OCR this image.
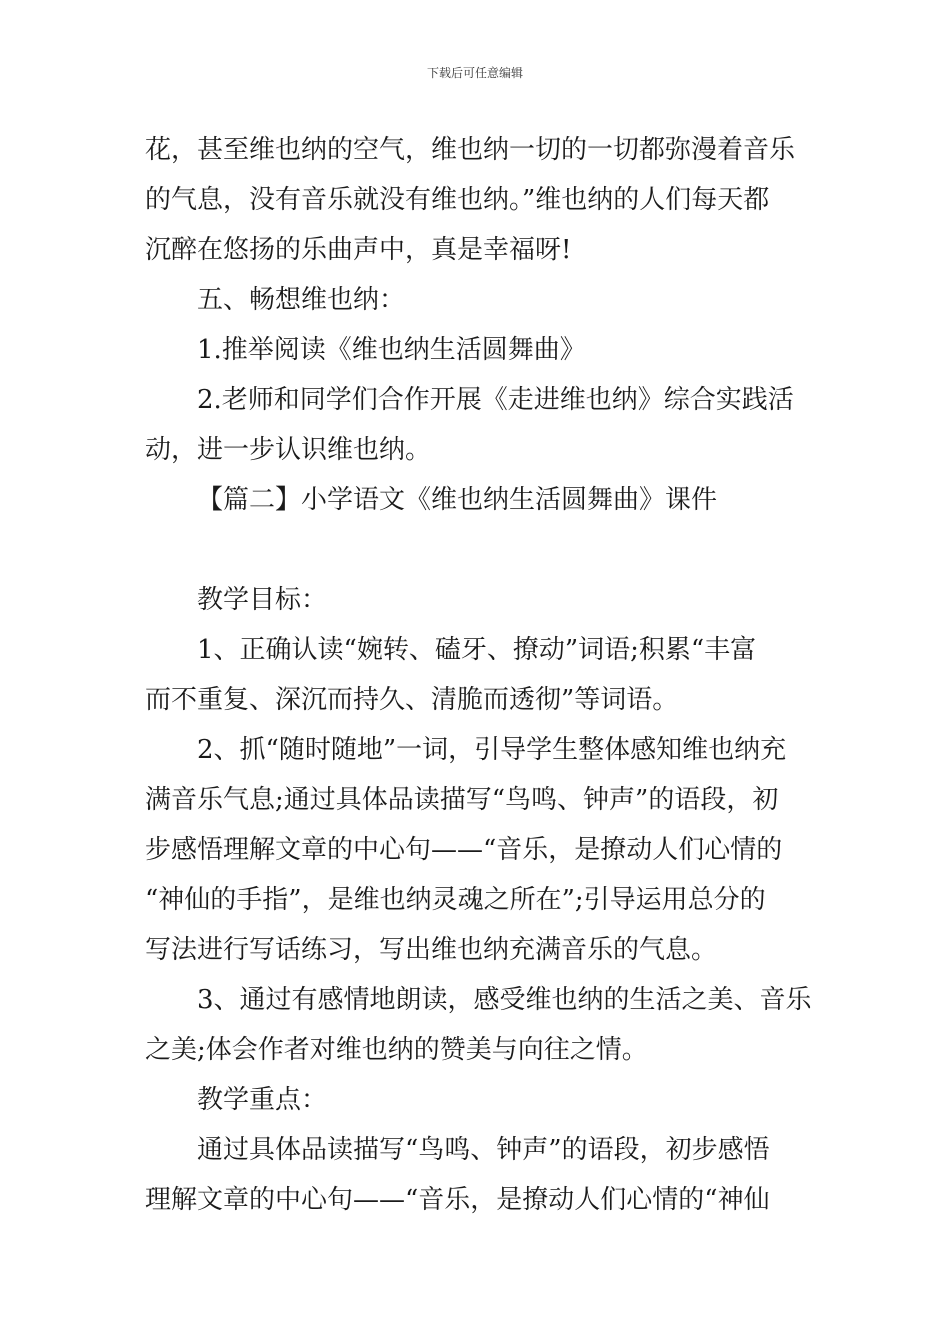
下载后可任意编辑
花，甚至维也纳的空气，维也纳一切的一切都弥漫着音乐
的气息，没有音乐就没有维也纳。”维也纳的人们每天都
沉醉在悠扬的乐曲声中，真是幸福呀!
五、畅想维也纳：
1.推举阅读《维也纳生活圆舞曲》
2.老师和同学们合作开展《走进维也纳》综合实践活
动，进一步认识维也纳。
【篇二】小学语文《维也纳生活圆舞曲》课件
教学目标：
1、正确认读“婉转、磕牙、撩动”词语;积累“丰富
而不重复、深沉而持久、清脆而透彻”等词语。
2、抓“随时随地”一词，引导学生整体感知维也纳充
满音乐气息;通过具体品读描写“鸟鸣、钟声”的语段，初
步感悟理解文章的中心句——“音乐，是撩动人们心情的
“神仙的手指”，是维也纳灵魂之所在”;引导运用总分的
写法进行写话练习，写出维也纳充满音乐的气息。
3、通过有感情地朗读，感受维也纳的生活之美、音乐
之美;体会作者对维也纳的赞美与向往之情。
教学重点：
通过具体品读描写“鸟鸣、钟声”的语段，初步感悟
理解文章的中心句——“音乐，是撩动人们心情的“神仙
